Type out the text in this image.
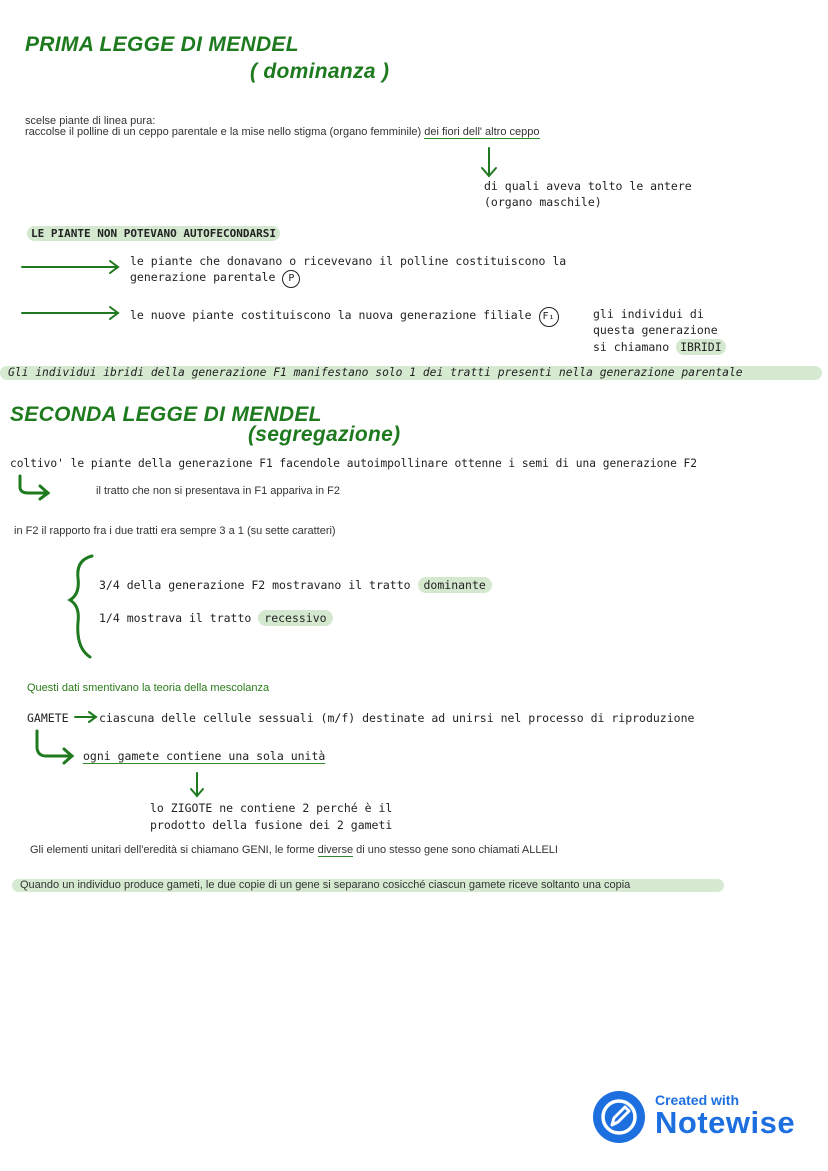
PRIMA LEGGE DI MENDEL
( dominanza )
scelse piante di linea pura:
raccolse il polline di un ceppo parentale e la mise nello stigma (organo femminile) dei fiori dell' altro ceppo
di quali aveva tolto le antere
(organo maschile)
LE PIANTE NON POTEVANO AUTOFECONDARSI
le piante che donavano o ricevevano il polline costituiscono la
generazione parentale P
le nuove piante costituiscono la nuova generazione filiale F₁	gli individui di
questa generazione
si chiamano IBRIDI
Gli individui ibridi della generazione F1 manifestano solo 1 dei tratti presenti nella generazione parentale
SECONDA LEGGE DI MENDEL
(segregazione)
coltivo' le piante della generazione F1 facendole autoimpollinare ottenne i semi di una generazione F2
il tratto che non si presentava in F1 appariva in F2
in F2 il rapporto fra i due tratti era sempre 3 a 1 (su sette caratteri)
3/4 della generazione F2 mostravano il tratto dominante
1/4 mostrava il tratto recessivo
Questi dati smentivano la teoria della mescolanza
GAMETE	ciascuna delle cellule sessuali (m/f) destinate ad unirsi nel processo di riproduzione
ogni gamete contiene una sola unità
lo ZIGOTE ne contiene 2 perché è il
prodotto della fusione dei 2 gameti
Gli elementi unitari dell'eredità si chiamano GENI, le forme diverse di uno stesso gene sono chiamati ALLELI
Quando un individuo produce gameti, le due copie di un gene si separano cosicché ciascun gamete riceve soltanto una copia
Created with
Notewise
